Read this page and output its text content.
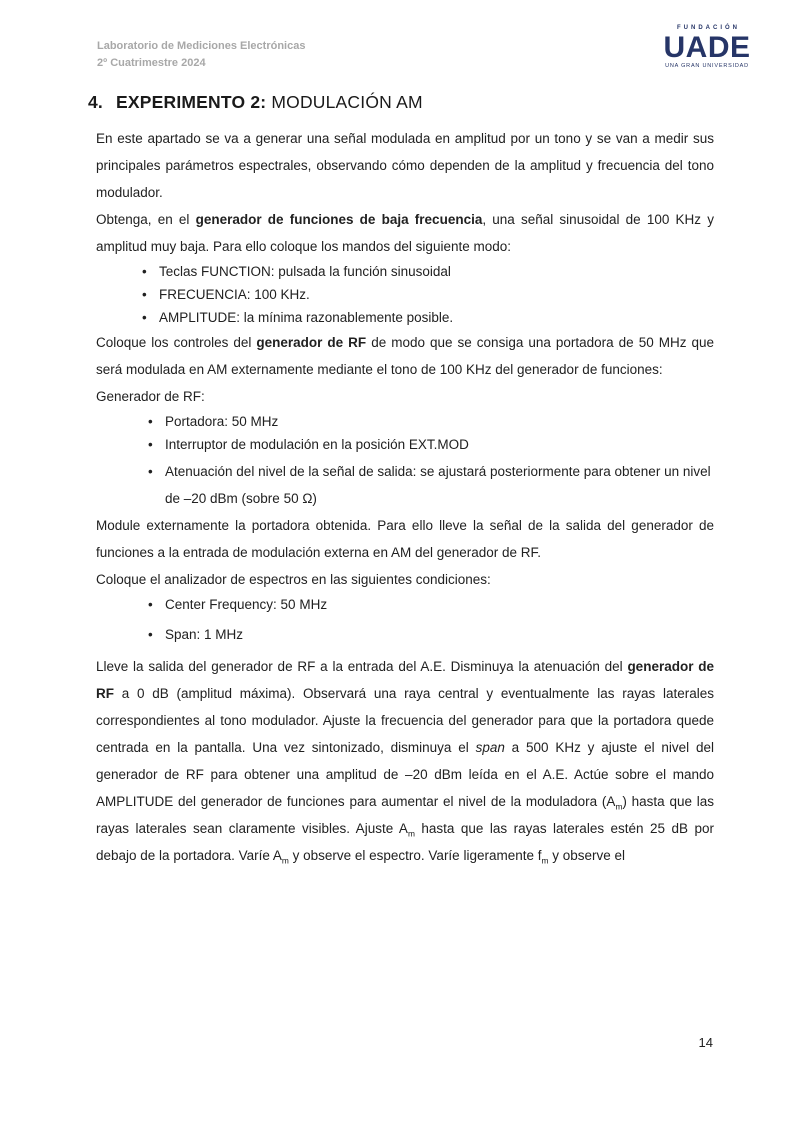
Laboratorio de Mediciones Electrónicas
2º Cuatrimestre 2024
FUNDACIÓN
UADE
UNA GRAN UNIVERSIDAD
4. EXPERIMENTO 2: MODULACIÓN AM

En este apartado se va a generar una señal modulada en amplitud por un tono y se van a medir sus principales parámetros espectrales, observando cómo dependen de la amplitud y frecuencia del tono modulador.

Obtenga, en el generador de funciones de baja frecuencia, una señal sinusoidal de 100 KHz y amplitud muy baja. Para ello coloque los mandos del siguiente modo:

• Teclas FUNCTION: pulsada la función sinusoidal
• FRECUENCIA: 100 KHz.
• AMPLITUDE: la mínima razonablemente posible.

Coloque los controles del generador de RF de modo que se consiga una portadora de 50 MHz que será modulada en AM externamente mediante el tono de 100 KHz del generador de funciones:

Generador de RF:

• Portadora: 50 MHz
• Interruptor de modulación en la posición EXT.MOD
• Atenuación del nivel de la señal de salida: se ajustará posteriormente para obtener un nivel de –20 dBm (sobre 50 Ω)

Module externamente la portadora obtenida. Para ello lleve la señal de la salida del generador de funciones a la entrada de modulación externa en AM del generador de RF.

Coloque el analizador de espectros en las siguientes condiciones:

• Center Frequency: 50 MHz
• Span: 1 MHz

Lleve la salida del generador de RF a la entrada del A.E. Disminuya la atenuación del generador de RF a 0 dB (amplitud máxima). Observará una raya central y eventualmente las rayas laterales correspondientes al tono modulador. Ajuste la frecuencia del generador para que la portadora quede centrada en la pantalla. Una vez sintonizado, disminuya el span a 500 KHz y ajuste el nivel del generador de RF para obtener una amplitud de –20 dBm leída en el A.E. Actúe sobre el mando AMPLITUDE del generador de funciones para aumentar el nivel de la moduladora $(A_m)$ hasta que las rayas laterales sean claramente visibles. Ajuste $A_m$ hasta que las rayas laterales estén 25 dB por debajo de la portadora. Varíe $A_m$ y observe el espectro. Varíe ligeramente $f_m$ y observe el

14
